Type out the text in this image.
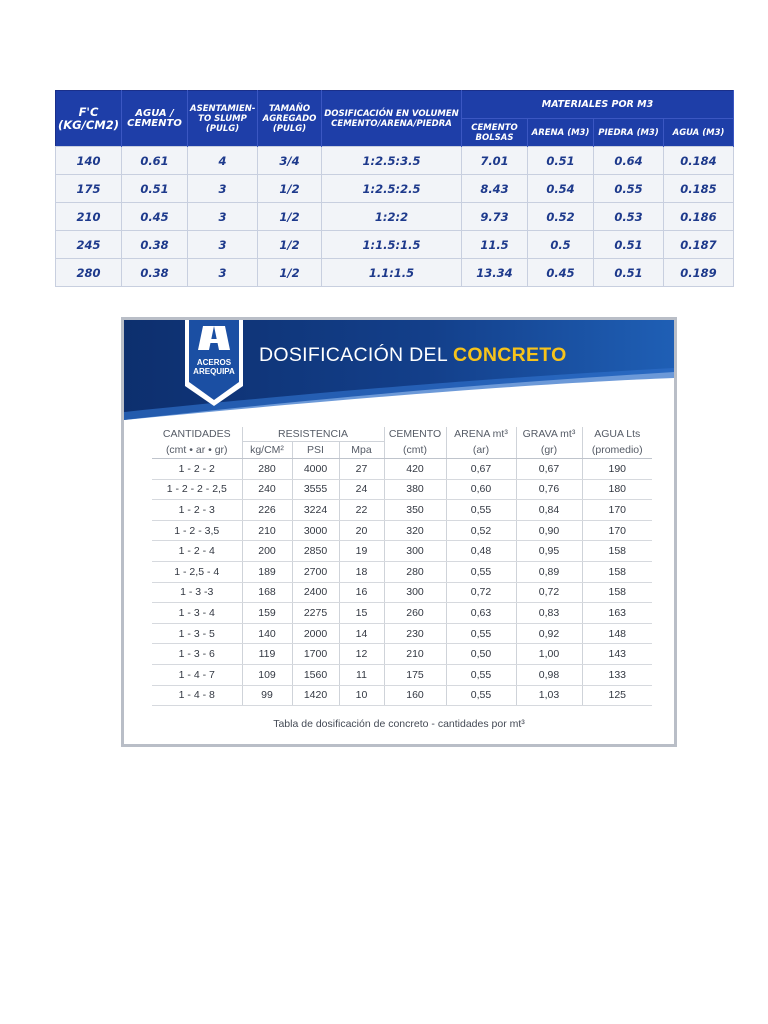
F'C (KG/CM2)	AGUA / CEMENTO	ASENTAMIEN-TO SLUMP (PULG)	TAMAÑO AGREGADO (PULG)	DOSIFICACIÓN EN VOLUMEN CEMENTO/ARENA/PIEDRA	MATERIALES POR M3			
					CEMENTO BOLSAS	ARENA (M3)	PIEDRA (M3)	AGUA (M3)
140	0.61	4	3/4	1:2.5:3.5	7.01	0.51	0.64	0.184
175	0.51	3	1/2	1:2.5:2.5	8.43	0.54	0.55	0.185
210	0.45	3	1/2	1:2:2	9.73	0.52	0.53	0.186
245	0.38	3	1/2	1:1.5:1.5	11.5	0.5	0.51	0.187
280	0.38	3	1/2	1.1:1.5	13.34	0.45	0.51	0.189
ACEROS
AREQUIPA
DOSIFICACIÓN DEL CONCRETO
CANTIDADES	RESISTENCIA			CEMENTO	ARENA mt³	GRAVA mt³	AGUA Lts
(cmt • ar • gr)	kg/CM²	PSI	Mpa	(cmt)	(ar)	(gr)	(promedio)
1 - 2 - 2	280	4000	27	420	0,67	0,67	190
1 - 2 - 2 - 2,5	240	3555	24	380	0,60	0,76	180
1 - 2 - 3	226	3224	22	350	0,55	0,84	170
1 - 2 - 3,5	210	3000	20	320	0,52	0,90	170
1 - 2 - 4	200	2850	19	300	0,48	0,95	158
1 - 2,5 - 4	189	2700	18	280	0,55	0,89	158
1 - 3 -3	168	2400	16	300	0,72	0,72	158
1 - 3 - 4	159	2275	15	260	0,63	0,83	163
1 - 3 - 5	140	2000	14	230	0,55	0,92	148
1 - 3 - 6	119	1700	12	210	0,50	1,00	143
1 - 4 - 7	109	1560	11	175	0,55	0,98	133
1 - 4 - 8	99	1420	10	160	0,55	1,03	125
Tabla de dosificación de concreto - cantidades por mt³
